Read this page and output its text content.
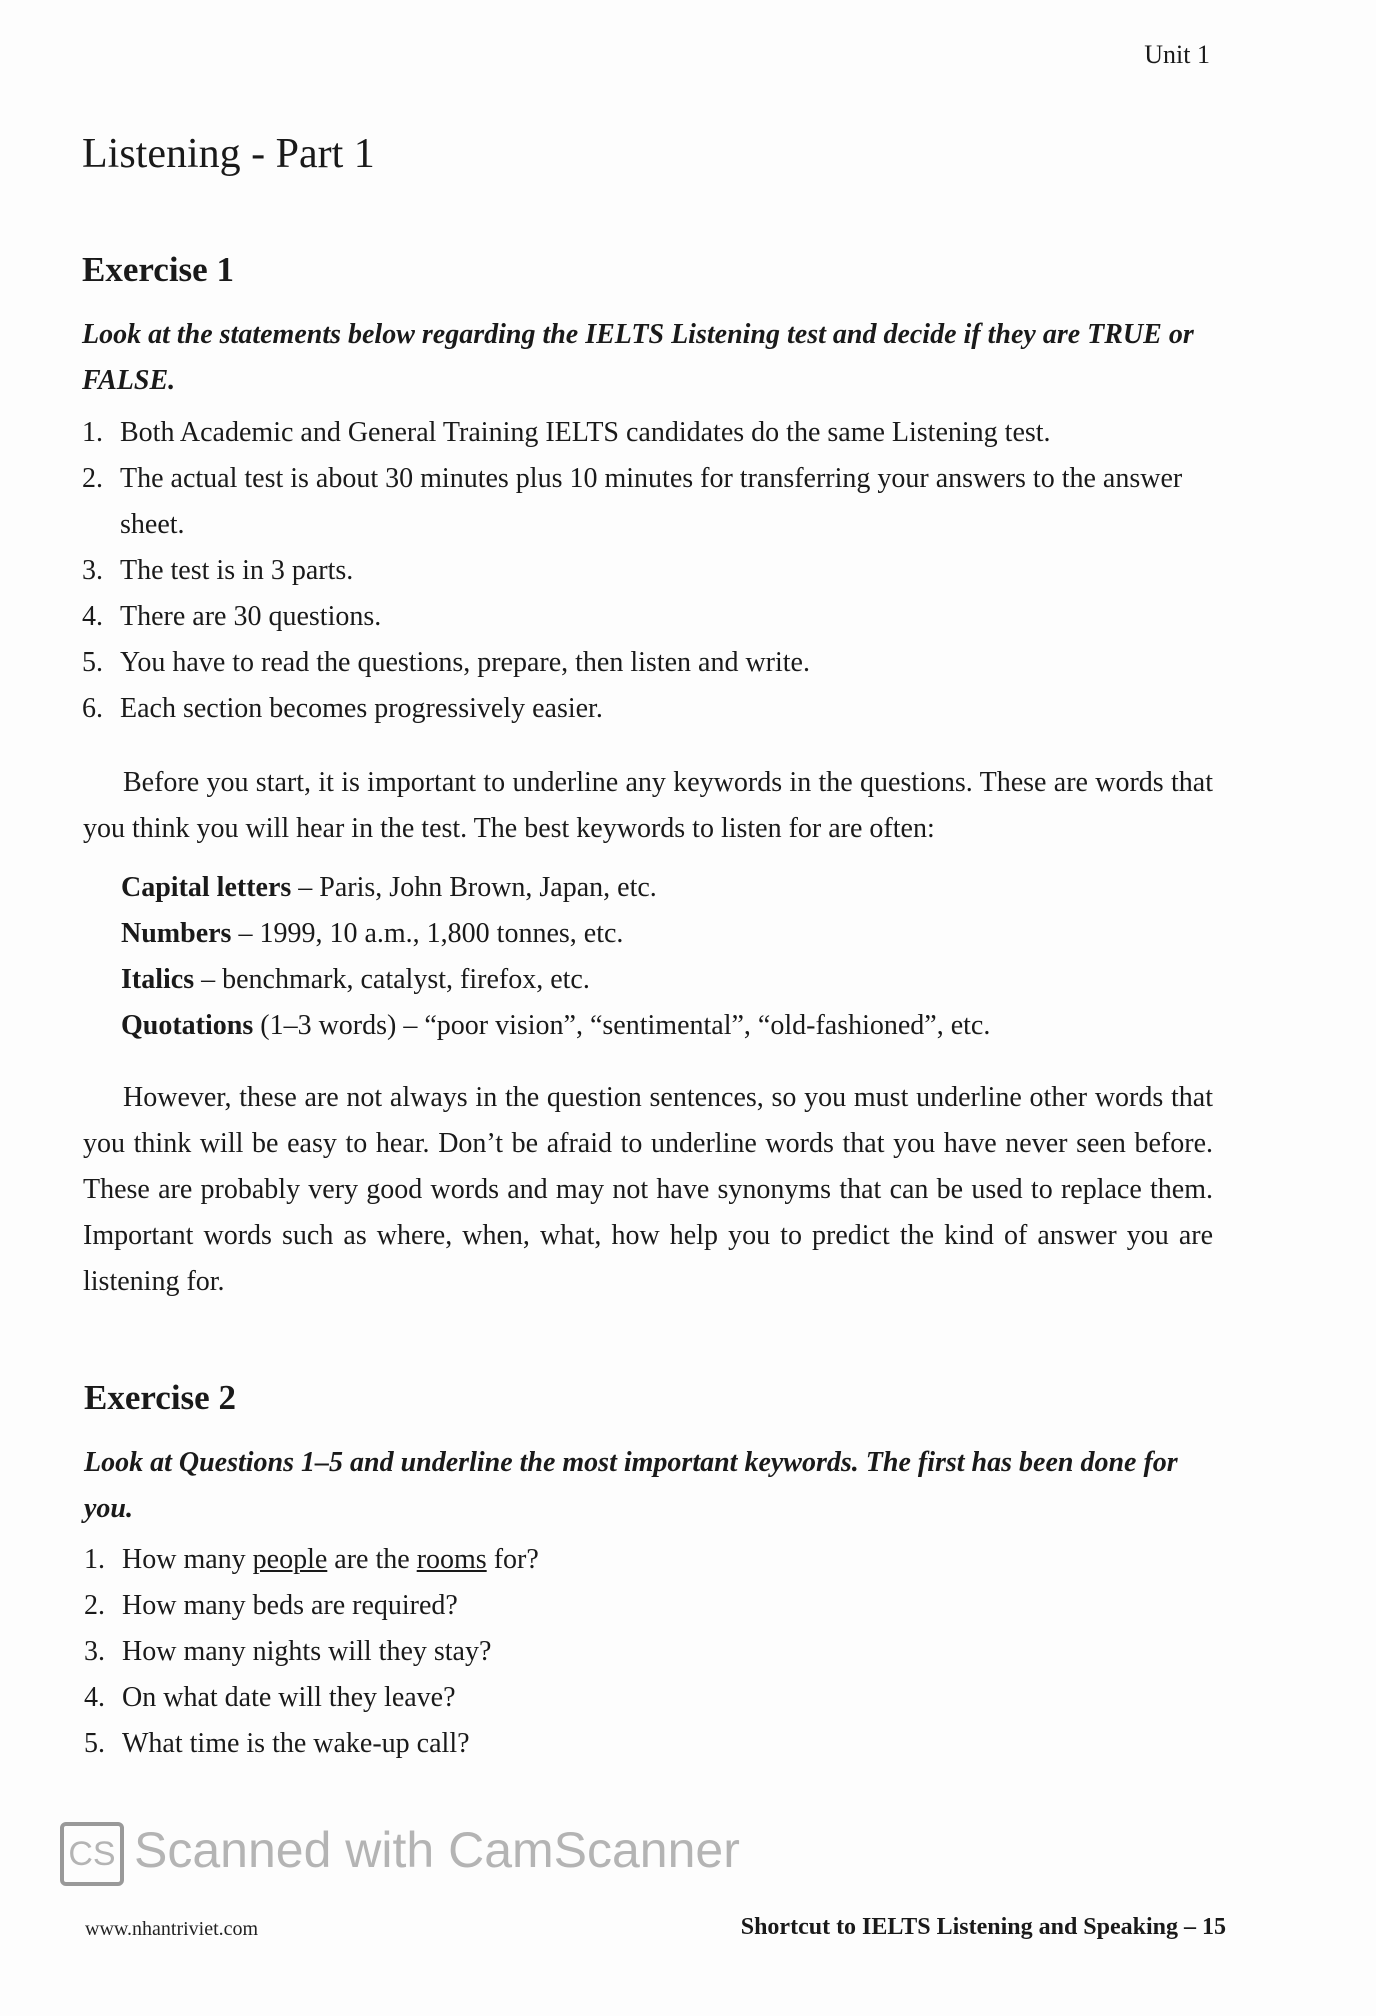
Unit 1
Listening - Part 1
Exercise 1
Look at the statements below regarding the IELTS Listening test and decide if they are TRUE or FALSE.
1. Both Academic and General Training IELTS candidates do the same Listening test.
2. The actual test is about 30 minutes plus 10 minutes for transferring your answers to the answer sheet.
3. The test is in 3 parts.
4. There are 30 questions.
5. You have to read the questions, prepare, then listen and write.
6. Each section becomes progressively easier.
Before you start, it is important to underline any keywords in the questions. These are words that you think you will hear in the test. The best keywords to listen for are often:
Capital letters – Paris, John Brown, Japan, etc.
Numbers – 1999, 10 a.m., 1,800 tonnes, etc.
Italics – benchmark, catalyst, firefox, etc.
Quotations (1–3 words) – “poor vision”, “sentimental”, “old-fashioned”, etc.
However, these are not always in the question sentences, so you must underline other words that you think will be easy to hear. Don’t be afraid to underline words that you have never seen before. These are probably very good words and may not have synonyms that can be used to replace them. Important words such as where, when, what, how help you to predict the kind of answer you are listening for.
Exercise 2
Look at Questions 1–5 and underline the most important keywords. The first has been done for you.
1. How many people are the rooms for?
2. How many beds are required?
3. How many nights will they stay?
4. On what date will they leave?
5. What time is the wake-up call?
CS Scanned with CamScanner
www.nhantriviet.com	Shortcut to IELTS Listening and Speaking – 15
